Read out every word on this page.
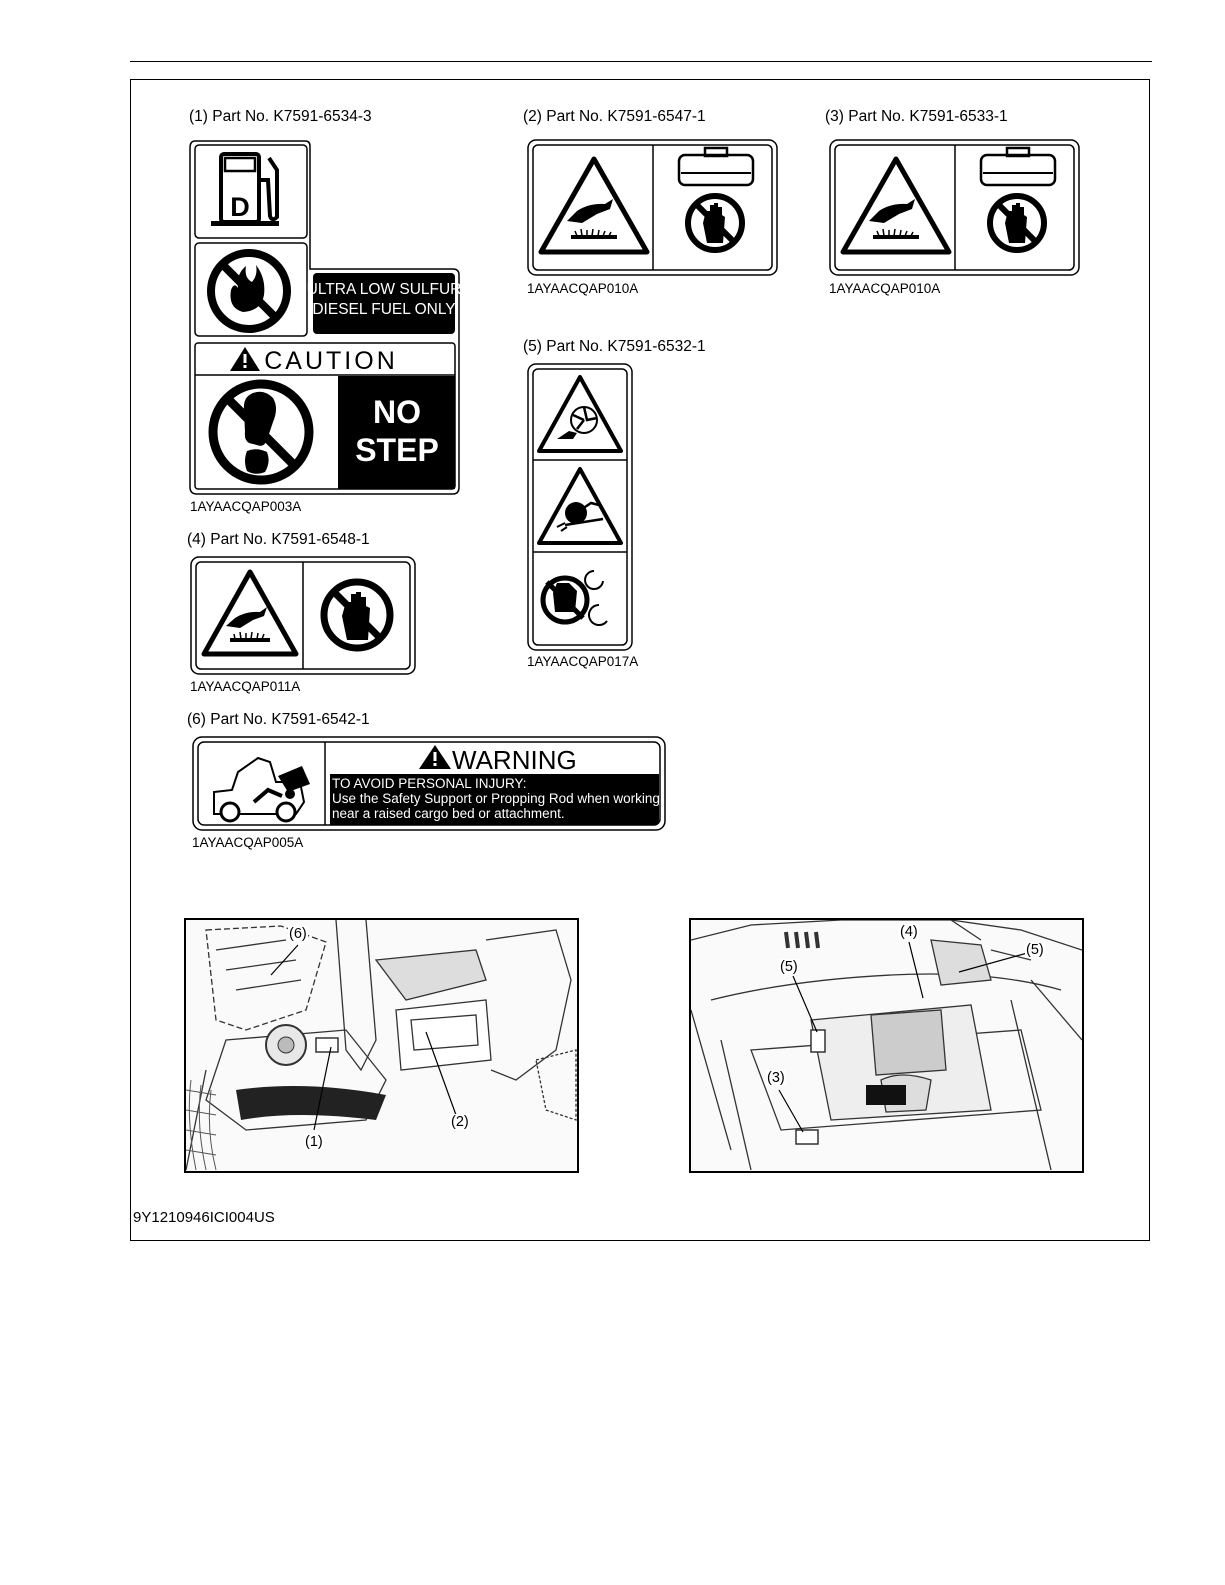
(1) Part No. K7591-6534-3	(2) Part No. K7591-6547-1	(3) Part No. K7591-6533-1
(5) Part No. K7591-6532-1
(4) Part No. K7591-6548-1
(6) Part No. K7591-6542-1
1AYAACQAP003A
1AYAACQAP010A	1AYAACQAP010A
1AYAACQAP011A
1AYAACQAP017A
1AYAACQAP005A
D
ULTRA LOW SULFUR
DIESEL FUEL ONLY
CAUTION
NO
STEP
WARNING
TO AVOID PERSONAL INJURY:
Use the Safety Support or Propping Rod when working
near a raised cargo bed or attachment.
(6)
(1)
(2)
(4)
(5)
(5)
(3)
9Y1210946ICI004US
